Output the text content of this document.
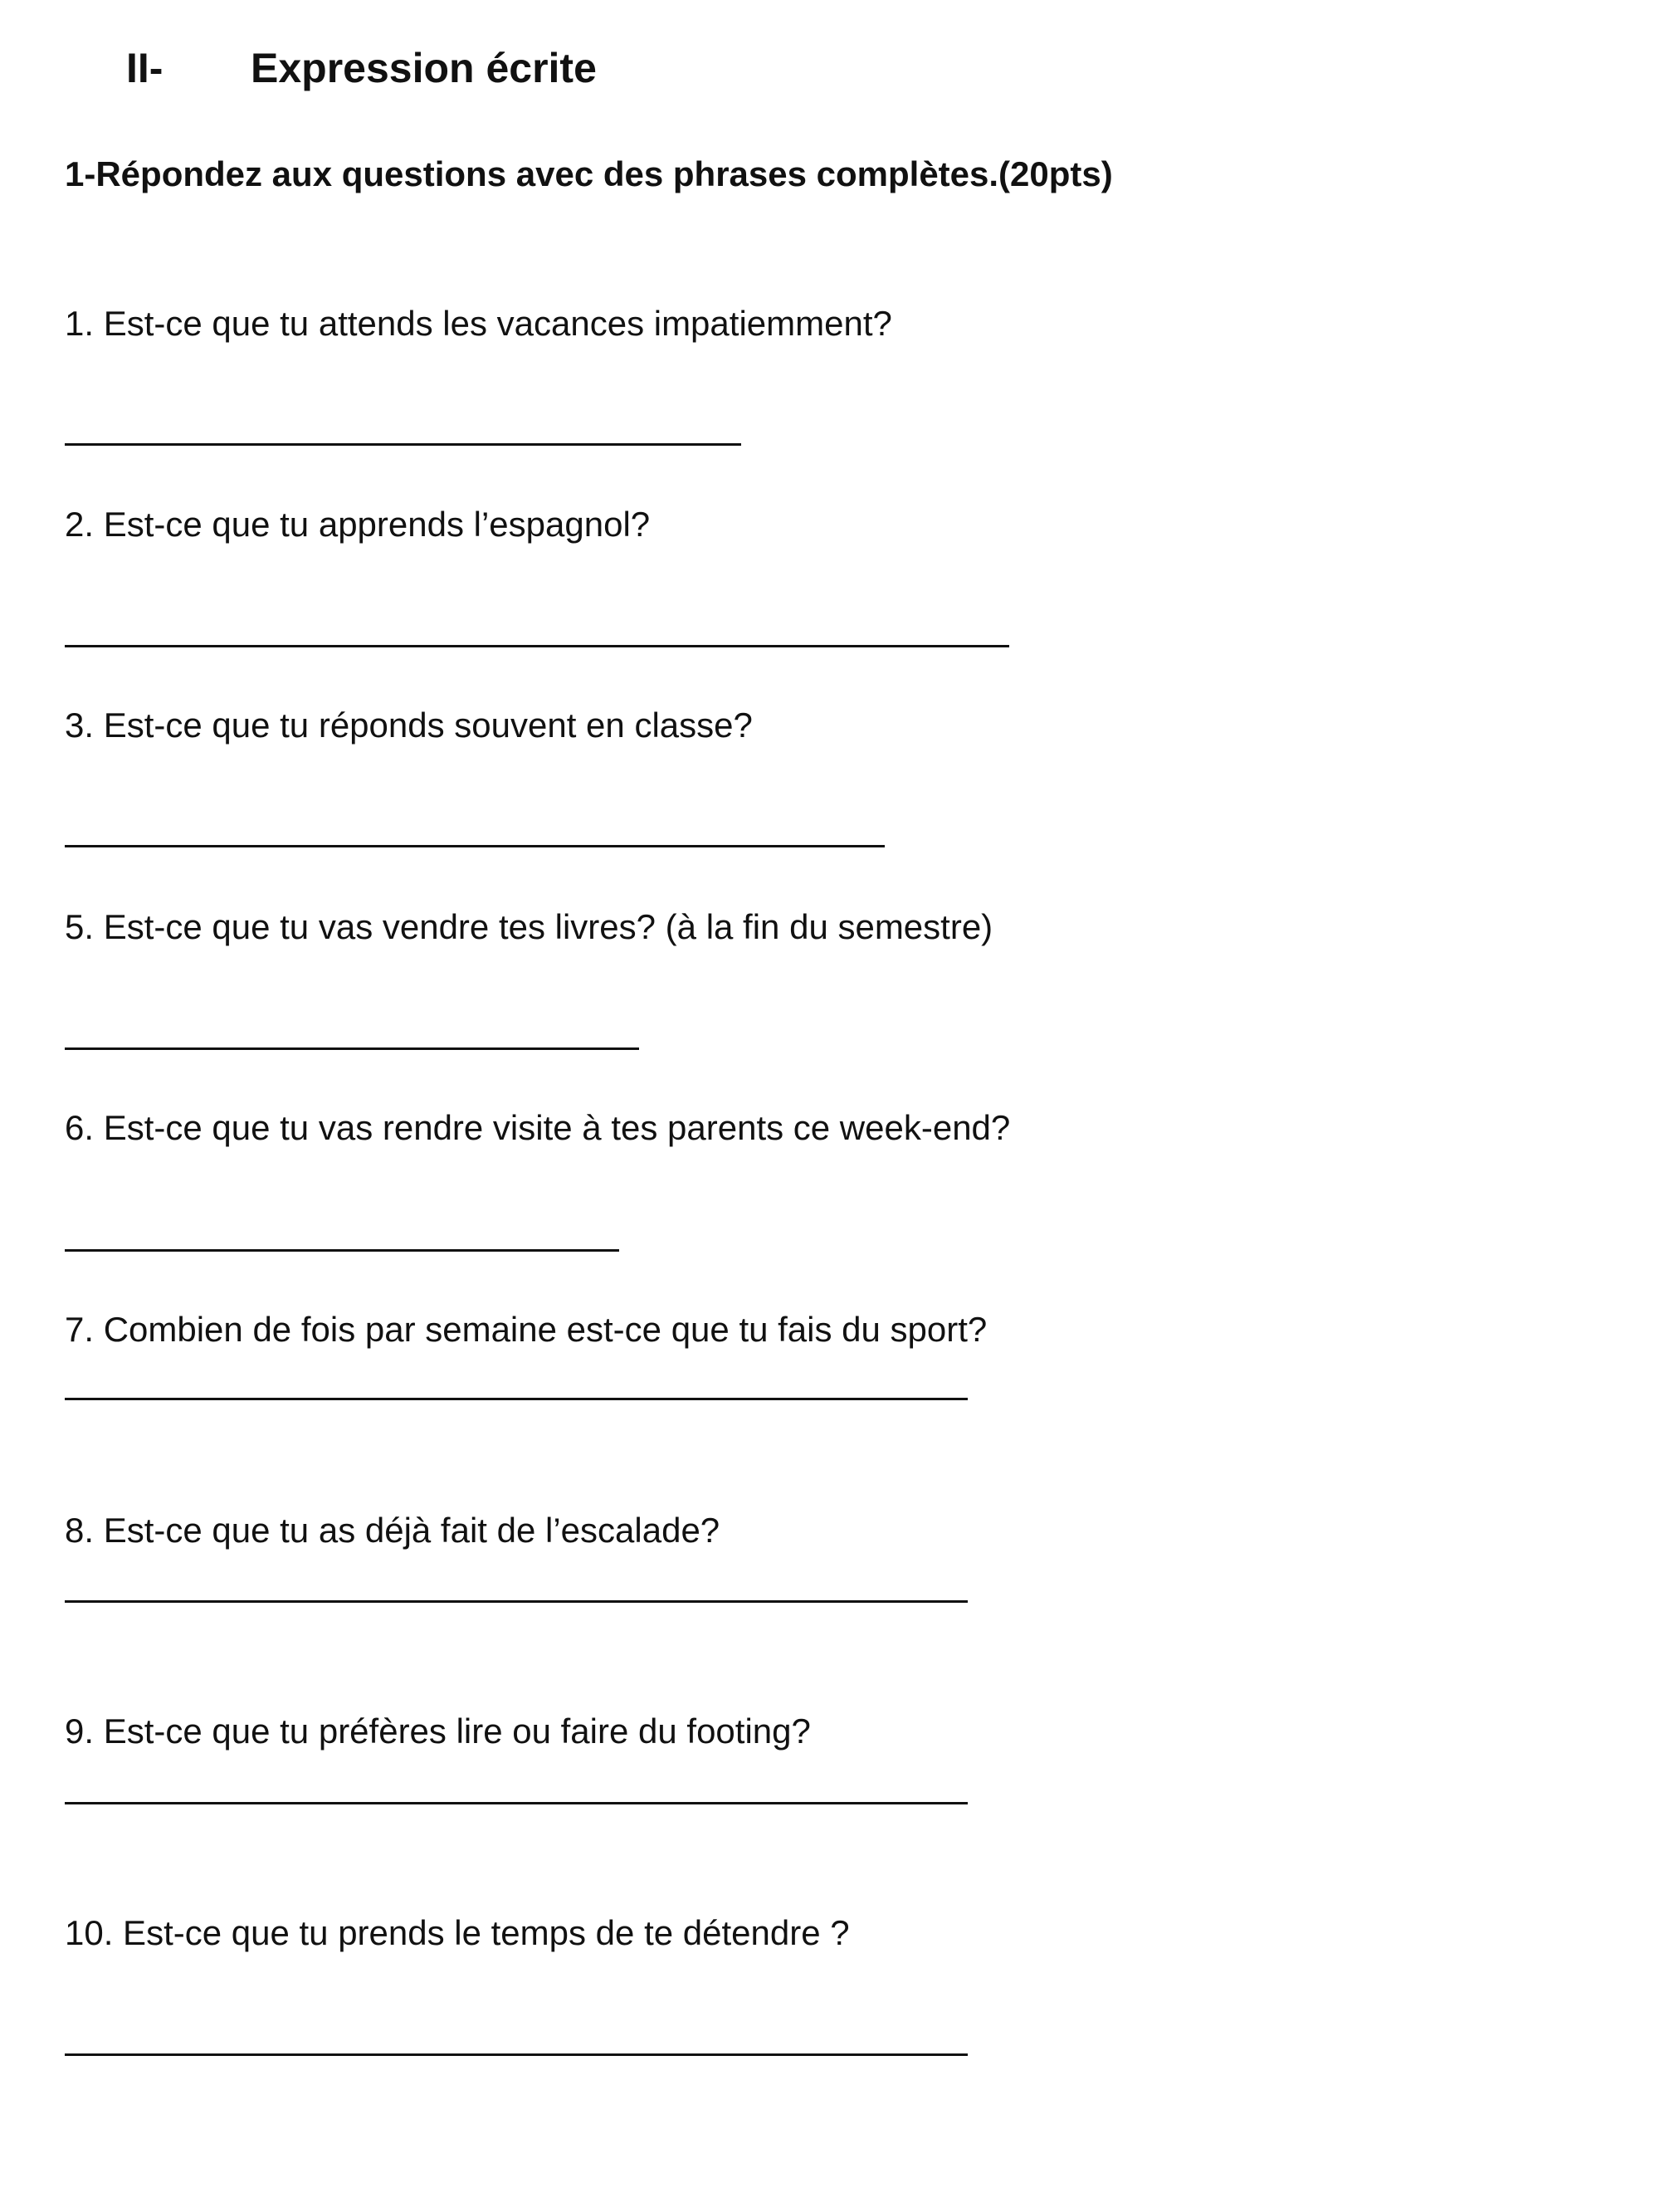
II- Expression écrite
1-Répondez aux questions avec des phrases complètes.(20pts)
1. Est-ce que tu attends les vacances impatiemment?
2. Est-ce que tu apprends l’espagnol?
3. Est-ce que tu réponds souvent en classe?
5. Est-ce que tu vas vendre tes livres? (à la fin du semestre)
6. Est-ce que tu vas rendre visite à tes parents ce week-end?
7. Combien de fois par semaine est-ce que tu fais du sport?
8. Est-ce que tu as déjà fait de l’escalade?
9. Est-ce que tu préfères lire ou faire du footing?
10. Est-ce que tu prends le temps de te détendre ?
